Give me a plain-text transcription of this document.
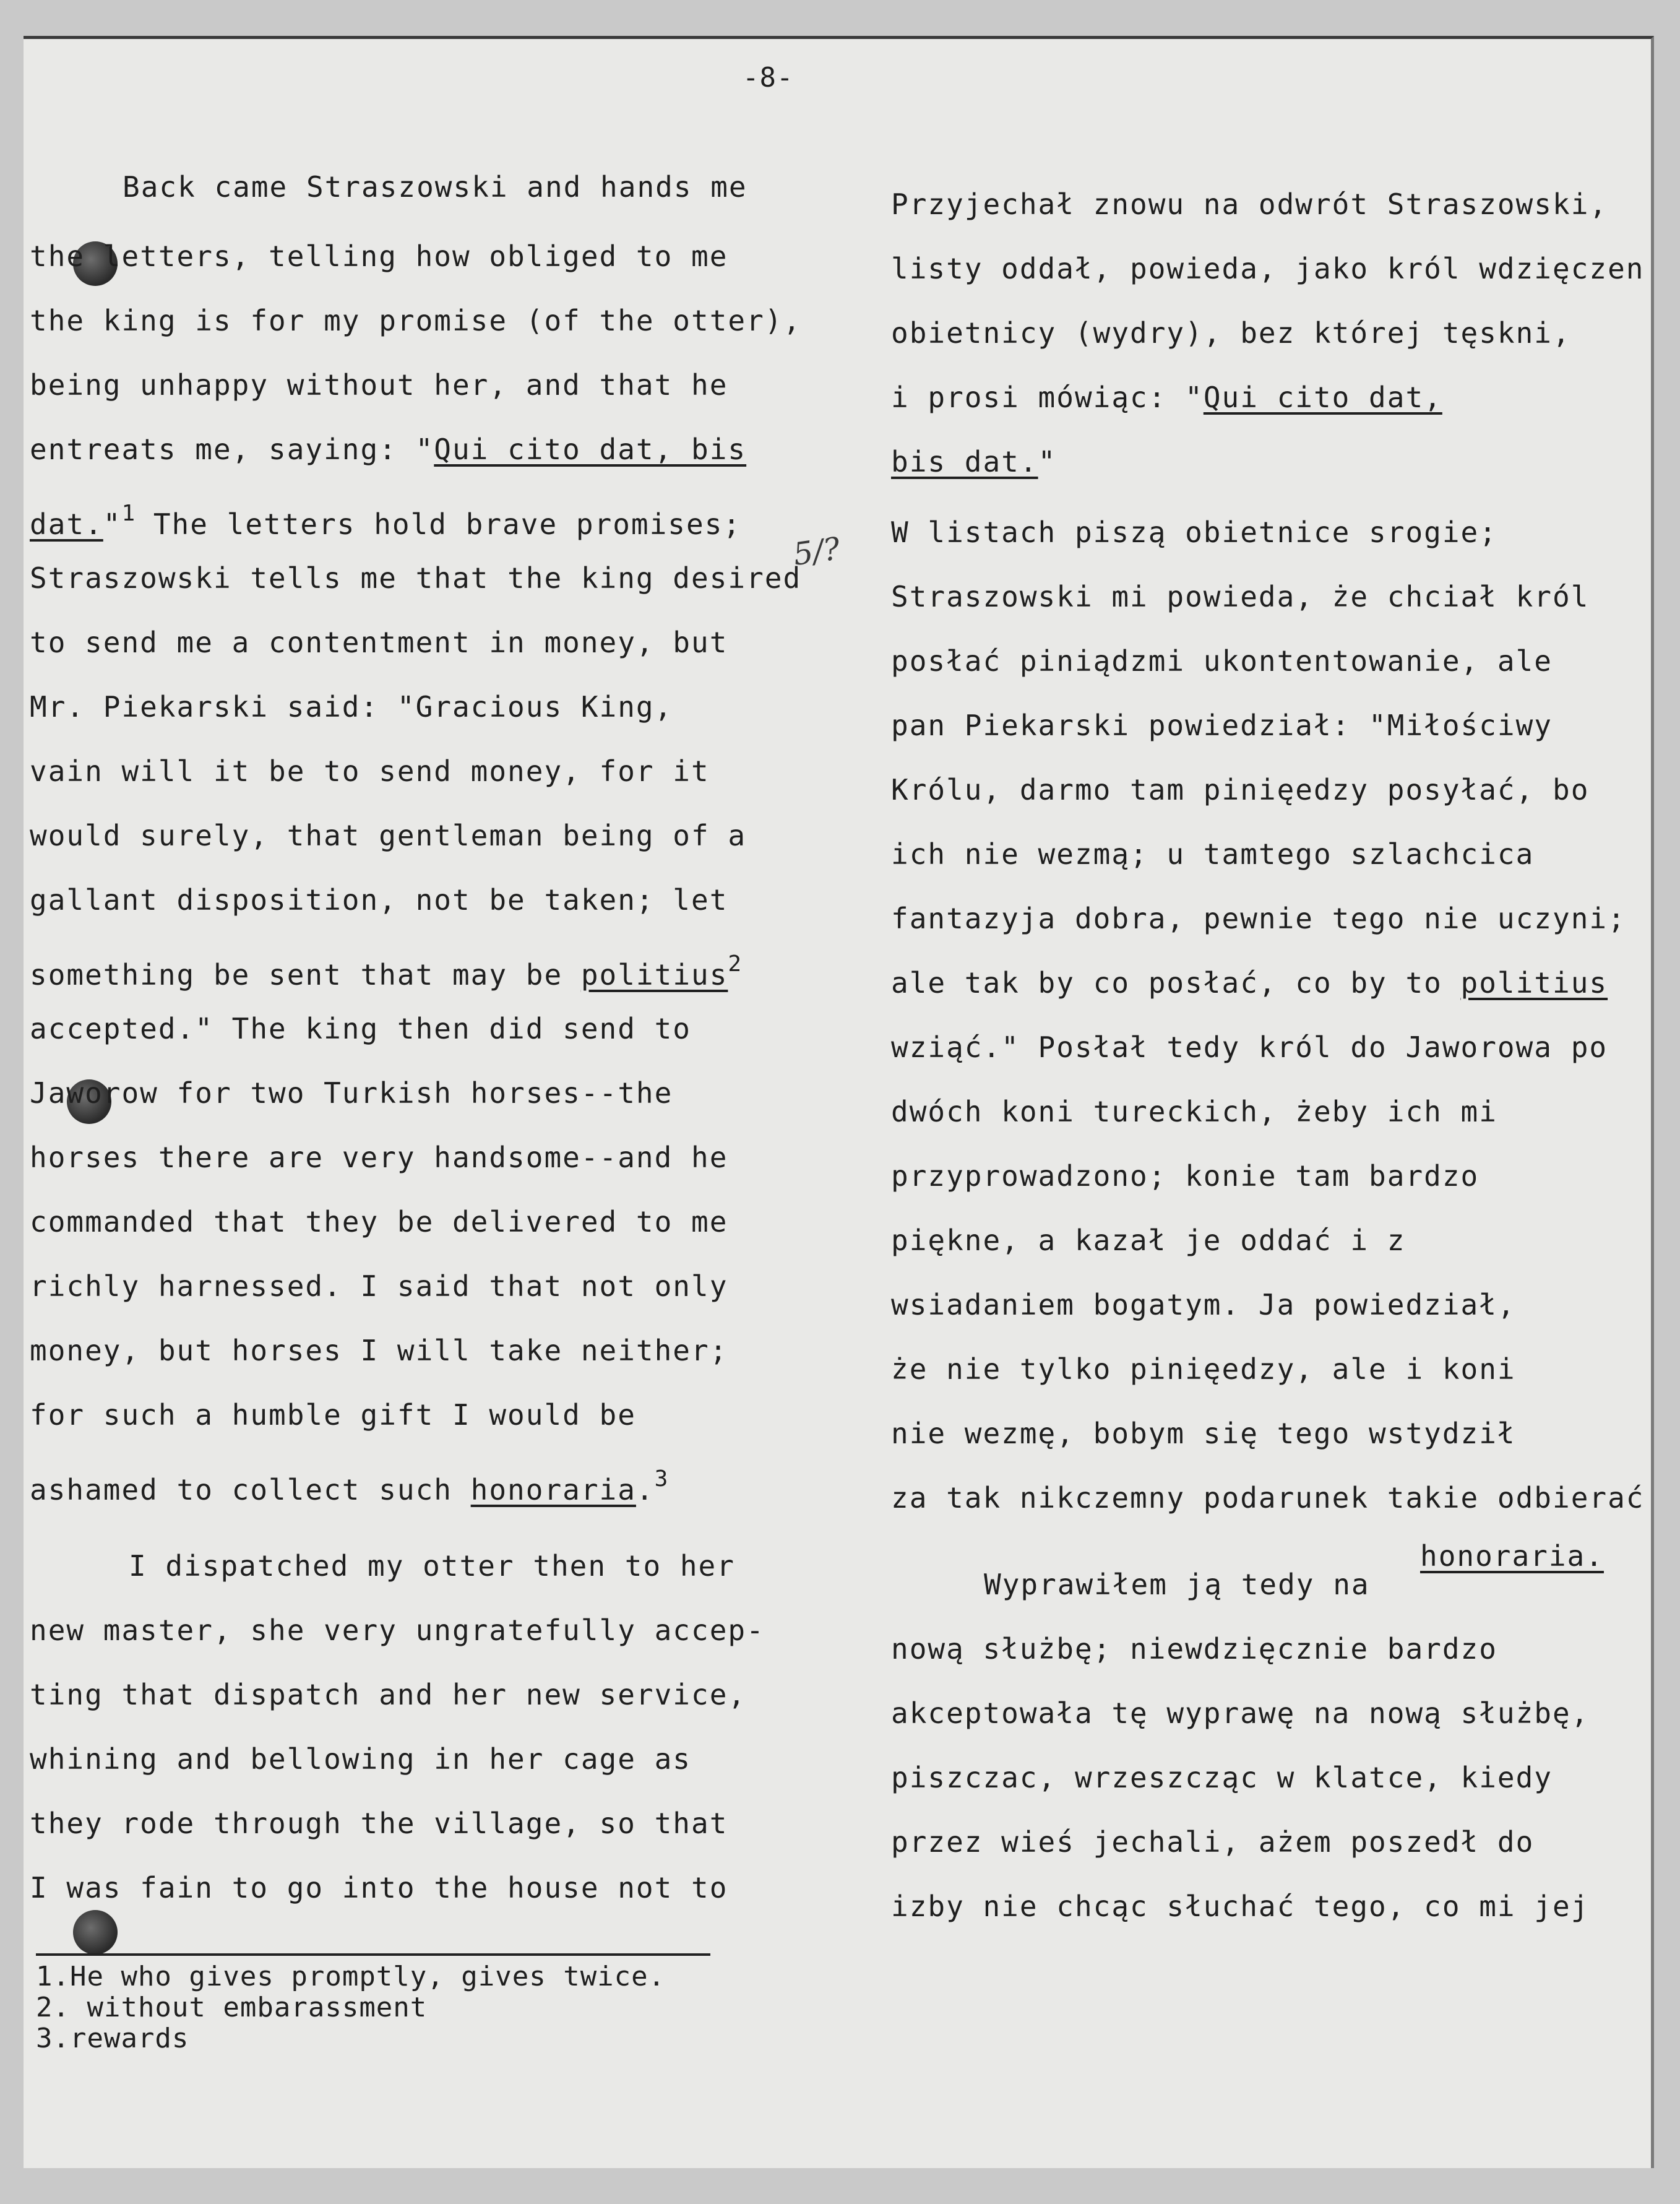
-8-
5/?
Back came Straszowski and hands me
the letters, telling how obliged to me
the king is for my promise (of the otter),
being unhappy without her, and that he
entreats me, saying: "Qui cito dat, bis
dat."$^1$ The letters hold brave promises;
Straszowski tells me that the king desired
to send me a contentment in money, but
Mr. Piekarski said: "Gracious King,
vain will it be to send money, for it
would surely, that gentleman being of a
gallant disposition, not be taken; let
something be sent that may be politius$^2$
accepted." The king then did send to
Jaworow for two Turkish horses--the
horses there are very handsome--and he
commanded that they be delivered to me
richly harnessed. I said that not only
money, but horses I will take neither;
for such a humble gift I would be
ashamed to collect such honoraria.$^3$
I dispatched my otter then to her
new master, she very ungratefully accep-
ting that dispatch and her new service,
whining and bellowing in her cage as
they rode through the village, so that
I was fain to go into the house not to
Przyjechał znowu na odwrót Straszowski,
listy oddał, powieda, jako król wdzięczen
obietnicy (wydry), bez której tęskni,
i prosi mówiąc: "Qui cito dat,
bis dat."
W listach piszą obietnice srogie;
Straszowski mi powieda, że chciał król
posłać piniądzmi ukontentowanie, ale
pan Piekarski powiedział: "Miłościwy
Królu, darmo tam pinięedzy posyłać, bo
ich nie wezmą; u tamtego szlachcica
fantazyja dobra, pewnie tego nie uczyni;
ale tak by co posłać, co by to politius
wziąć." Posłał tedy król do Jaworowa po
dwóch koni tureckich, żeby ich mi
przyprowadzono; konie tam bardzo
piękne, a kazał je oddać i z
wsiadaniem bogatym. Ja powiedział,
że nie tylko pinięedzy, ale i koni
nie wezmę, bobym się tego wstydził
za tak nikczemny podarunek takie odbierać
honoraria.
Wyprawiłem ją tedy na
nową służbę; niewdzięcznie bardzo
akceptowała tę wyprawę na nową służbę,
piszczac, wrzeszcząc w klatce, kiedy
przez wieś jechali, ażem poszedł do
izby nie chcąc słuchać tego, co mi jej
1.He who gives promptly, gives twice.
2. without embarassment
3.rewards
